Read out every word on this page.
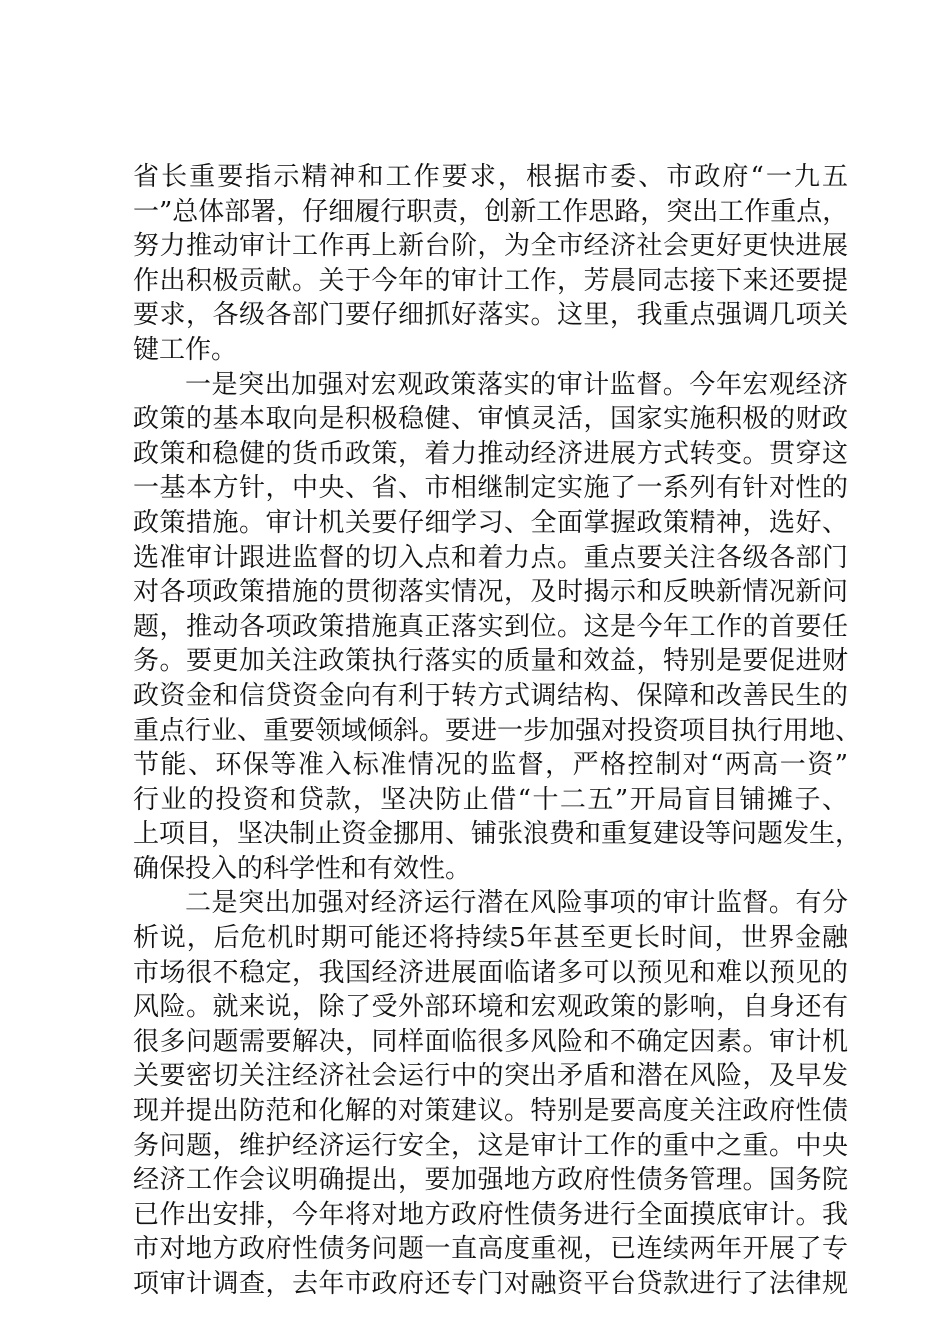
省长重要指示精神和工作要求，根据市委、市政府“一九五
一”总体部署，仔细履行职责，创新工作思路，突出工作重点，
努力推动审计工作再上新台阶，为全市经济社会更好更快进展
作出积极贡献。关于今年的审计工作，芳晨同志接下来还要提
要求，各级各部门要仔细抓好落实。这里，我重点强调几项关
键工作。
一是突出加强对宏观政策落实的审计监督。今年宏观经济
政策的基本取向是积极稳健、审慎灵活，国家实施积极的财政
政策和稳健的货币政策，着力推动经济进展方式转变。贯穿这
一基本方针，中央、省、市相继制定实施了一系列有针对性的
政策措施。审计机关要仔细学习、全面掌握政策精神，选好、
选准审计跟进监督的切入点和着力点。重点要关注各级各部门
对各项政策措施的贯彻落实情况，及时揭示和反映新情况新问
题，推动各项政策措施真正落实到位。这是今年工作的首要任
务。要更加关注政策执行落实的质量和效益，特别是要促进财
政资金和信贷资金向有利于转方式调结构、保障和改善民生的
重点行业、重要领域倾斜。要进一步加强对投资项目执行用地、
节能、环保等准入标准情况的监督，严格控制对“两高一资”
行业的投资和贷款，坚决防止借“十二五”开局盲目铺摊子、
上项目，坚决制止资金挪用、铺张浪费和重复建设等问题发生，
确保投入的科学性和有效性。
二是突出加强对经济运行潜在风险事项的审计监督。有分
析说，后危机时期可能还将持续5年甚至更长时间，世界金融
市场很不稳定，我国经济进展面临诸多可以预见和难以预见的
风险。就来说，除了受外部环境和宏观政策的影响，自身还有
很多问题需要解决，同样面临很多风险和不确定因素。审计机
关要密切关注经济社会运行中的突出矛盾和潜在风险，及早发
现并提出防范和化解的对策建议。特别是要高度关注政府性债
务问题，维护经济运行安全，这是审计工作的重中之重。中央
经济工作会议明确提出，要加强地方政府性债务管理。国务院
已作出安排，今年将对地方政府性债务进行全面摸底审计。我
市对地方政府性债务问题一直高度重视，已连续两年开展了专
项审计调查，去年市政府还专门对融资平台贷款进行了法律规
